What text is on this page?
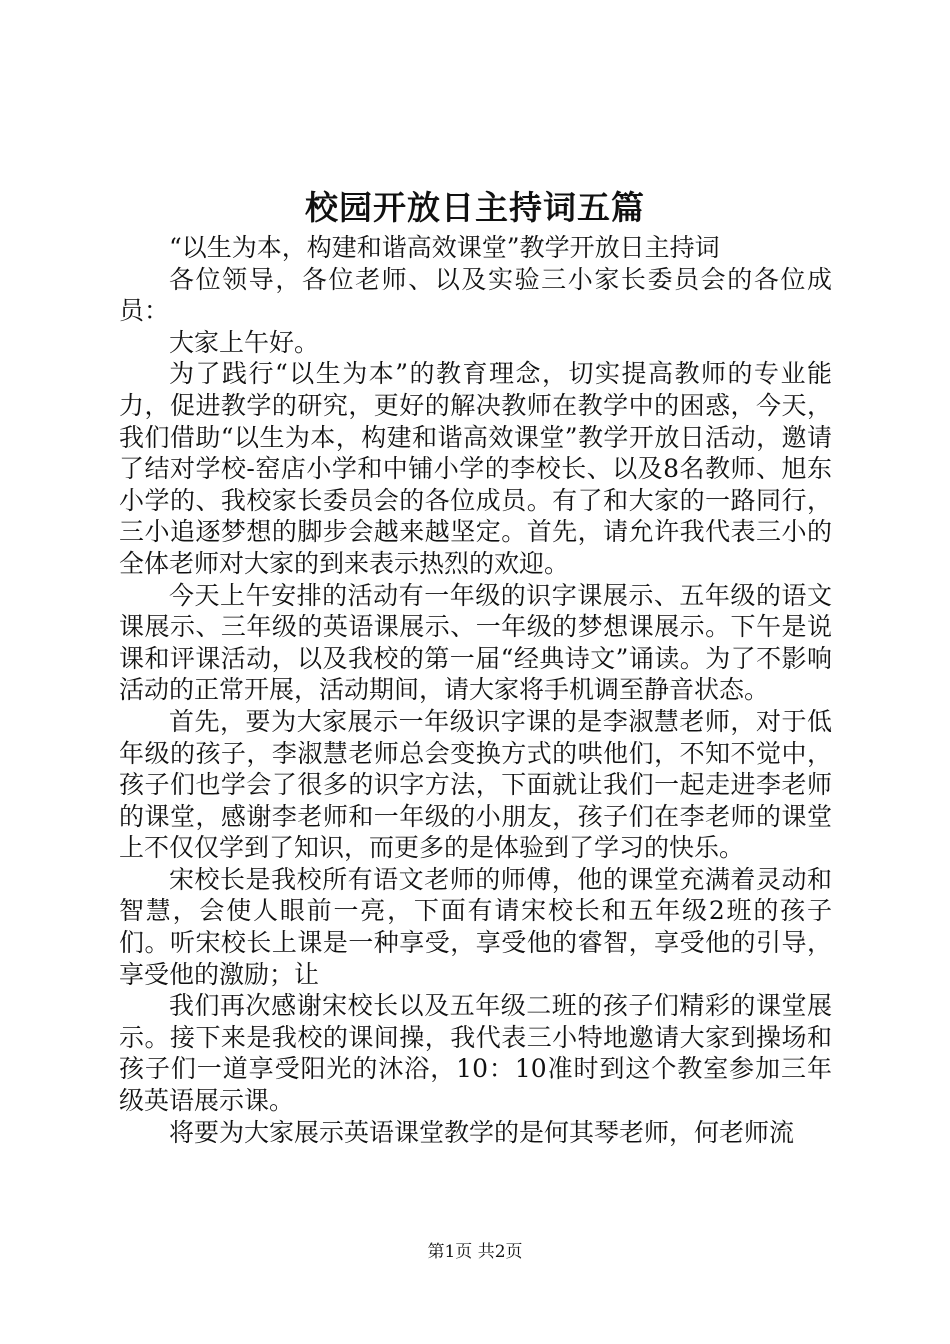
校园开放日主持词五篇

“以生为本，构建和谐高效课堂”教学开放日主持词

各位领导，各位老师、以及实验三小家长委员会的各位成员：

大家上午好。

为了践行“以生为本”的教育理念，切实提高教师的专业能力，促进教学的研究，更好的解决教师在教学中的困惑，今天，我们借助“以生为本，构建和谐高效课堂”教学开放日活动，邀请了结对学校-窑店小学和中铺小学的李校长、以及8名教师、旭东小学的、我校家长委员会的各位成员。有了和大家的一路同行，三小追逐梦想的脚步会越来越坚定。首先，请允许我代表三小的全体老师对大家的到来表示热烈的欢迎。

今天上午安排的活动有一年级的识字课展示、五年级的语文课展示、三年级的英语课展示、一年级的梦想课展示。下午是说课和评课活动，以及我校的第一届“经典诗文”诵读。为了不影响活动的正常开展，活动期间，请大家将手机调至静音状态。

首先，要为大家展示一年级识字课的是李淑慧老师，对于低年级的孩子，李淑慧老师总会变换方式的哄他们，不知不觉中，孩子们也学会了很多的识字方法，下面就让我们一起走进李老师的课堂，感谢李老师和一年级的小朋友，孩子们在李老师的课堂上不仅仅学到了知识，而更多的是体验到了学习的快乐。

宋校长是我校所有语文老师的师傅，他的课堂充满着灵动和智慧，会使人眼前一亮，下面有请宋校长和五年级2班的孩子们。听宋校长上课是一种享受，享受他的睿智，享受他的引导，享受他的激励；让

我们再次感谢宋校长以及五年级二班的孩子们精彩的课堂展示。接下来是我校的课间操，我代表三小特地邀请大家到操场和孩子们一道享受阳光的沐浴，10：10准时到这个教室参加三年级英语展示课。

将要为大家展示英语课堂教学的是何其琴老师，何老师流

第1页 共2页
